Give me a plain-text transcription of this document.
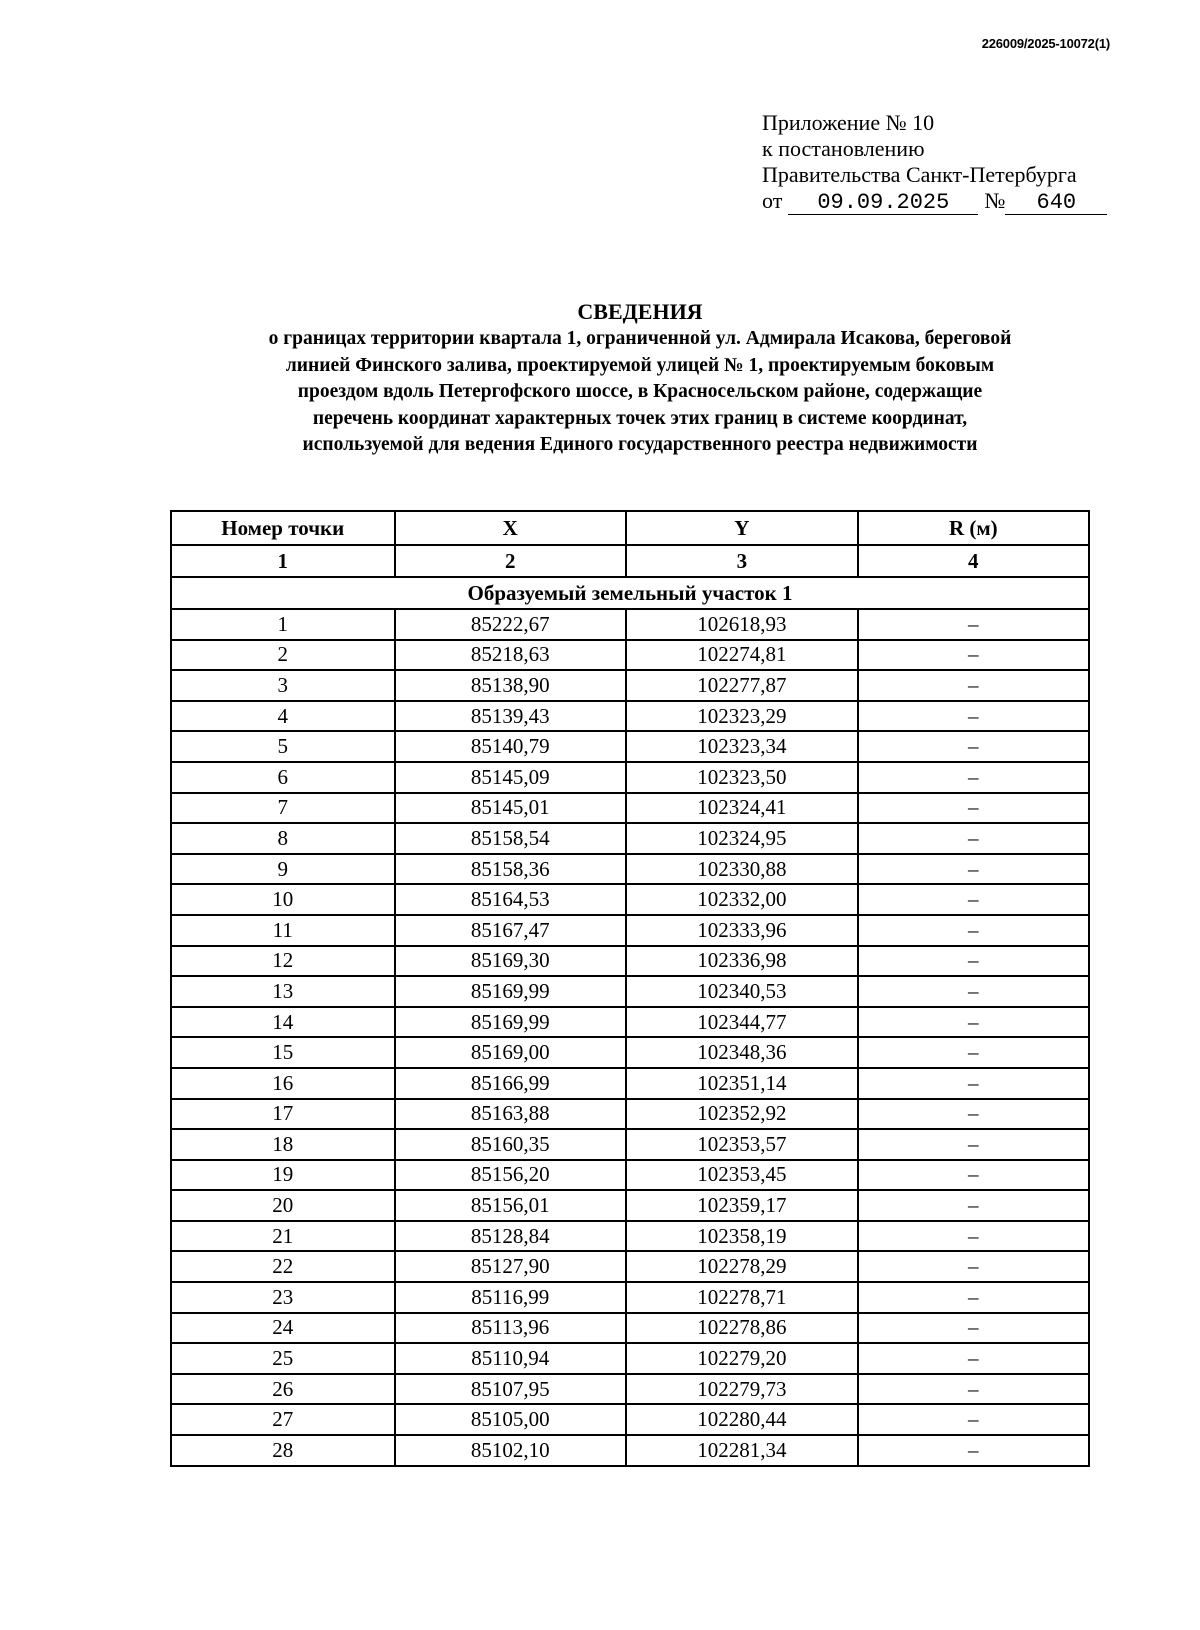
226009/2025-10072(1)
Приложение № 10
к постановлению
Правительства Санкт-Петербурга
от	09.09.2025	№	640
СВЕДЕНИЯ
о границах территории квартала 1, ограниченной ул. Адмирала Исакова, береговой
линией Финского залива, проектируемой улицей № 1, проектируемым боковым
проездом вдоль Петергофского шоссе, в Красносельском районе, содержащие
перечень координат характерных точек этих границ в системе координат,
используемой для ведения Единого государственного реестра недвижимости
Номер точки	X	Y	R (м)
1	2	3	4
Образуемый земельный участок 1			
1	85222,67	102618,93	–
2	85218,63	102274,81	–
3	85138,90	102277,87	–
4	85139,43	102323,29	–
5	85140,79	102323,34	–
6	85145,09	102323,50	–
7	85145,01	102324,41	–
8	85158,54	102324,95	–
9	85158,36	102330,88	–
10	85164,53	102332,00	–
11	85167,47	102333,96	–
12	85169,30	102336,98	–
13	85169,99	102340,53	–
14	85169,99	102344,77	–
15	85169,00	102348,36	–
16	85166,99	102351,14	–
17	85163,88	102352,92	–
18	85160,35	102353,57	–
19	85156,20	102353,45	–
20	85156,01	102359,17	–
21	85128,84	102358,19	–
22	85127,90	102278,29	–
23	85116,99	102278,71	–
24	85113,96	102278,86	–
25	85110,94	102279,20	–
26	85107,95	102279,73	–
27	85105,00	102280,44	–
28	85102,10	102281,34	–
